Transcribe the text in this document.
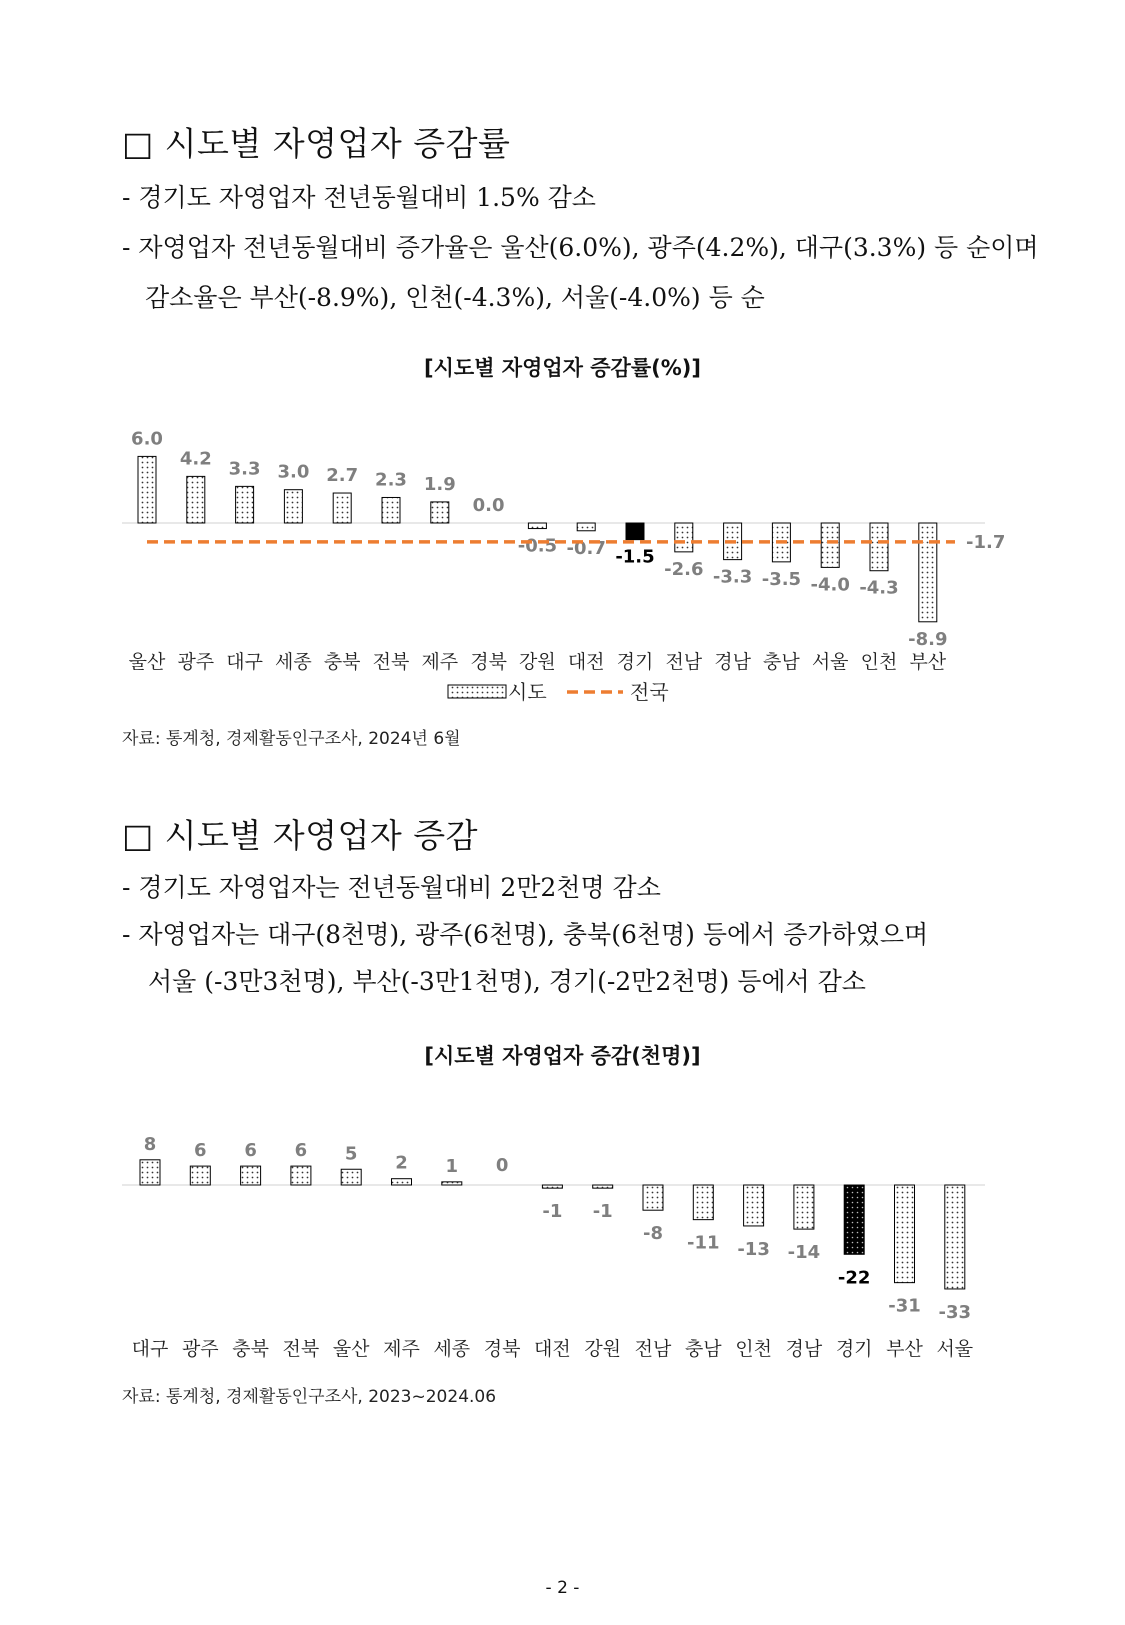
□ 시도별 자영업자 증감률
- 경기도 자영업자 전년동월대비 1.5% 감소
- 자영업자 전년동월대비 증가율은 울산(6.0%), 광주(4.2%), 대구(3.3%) 등 순이며
감소율은 부산(-8.9%), 인천(-4.3%), 서울(-4.0%) 등 순
[시도별 자영업자 증감률(%)]
6.0
울산
4.2
광주
3.3
대구
3.0
세종
2.7
충북
2.3
전북
1.9
제주
0.0
경북
-0.5
강원
-0.7
대전
-1.5
경기
-2.6
전남
-3.3
경남
-3.5
충남
-4.0
서울
-4.3
인천
-8.9
부산
-1.7
시도	전국
자료: 통계청, 경제활동인구조사, 2024년 6월
□ 시도별 자영업자 증감
- 경기도 자영업자는 전년동월대비 2만2천명 감소
- 자영업자는 대구(8천명), 광주(6천명), 충북(6천명) 등에서 증가하였으며
서울 (-3만3천명), 부산(-3만1천명), 경기(-2만2천명) 등에서 감소
[시도별 자영업자 증감(천명)]
8
대구
6
광주
6
충북
6
전북
5
울산
2
제주
1
세종
0
경북
-1
대전
-1
강원
-8
전남
-11
충남
-13
인천
-14
경남
-22
경기
-31
부산
-33
서울
자료: 통계청, 경제활동인구조사, 2023~2024.06
- 2 -
